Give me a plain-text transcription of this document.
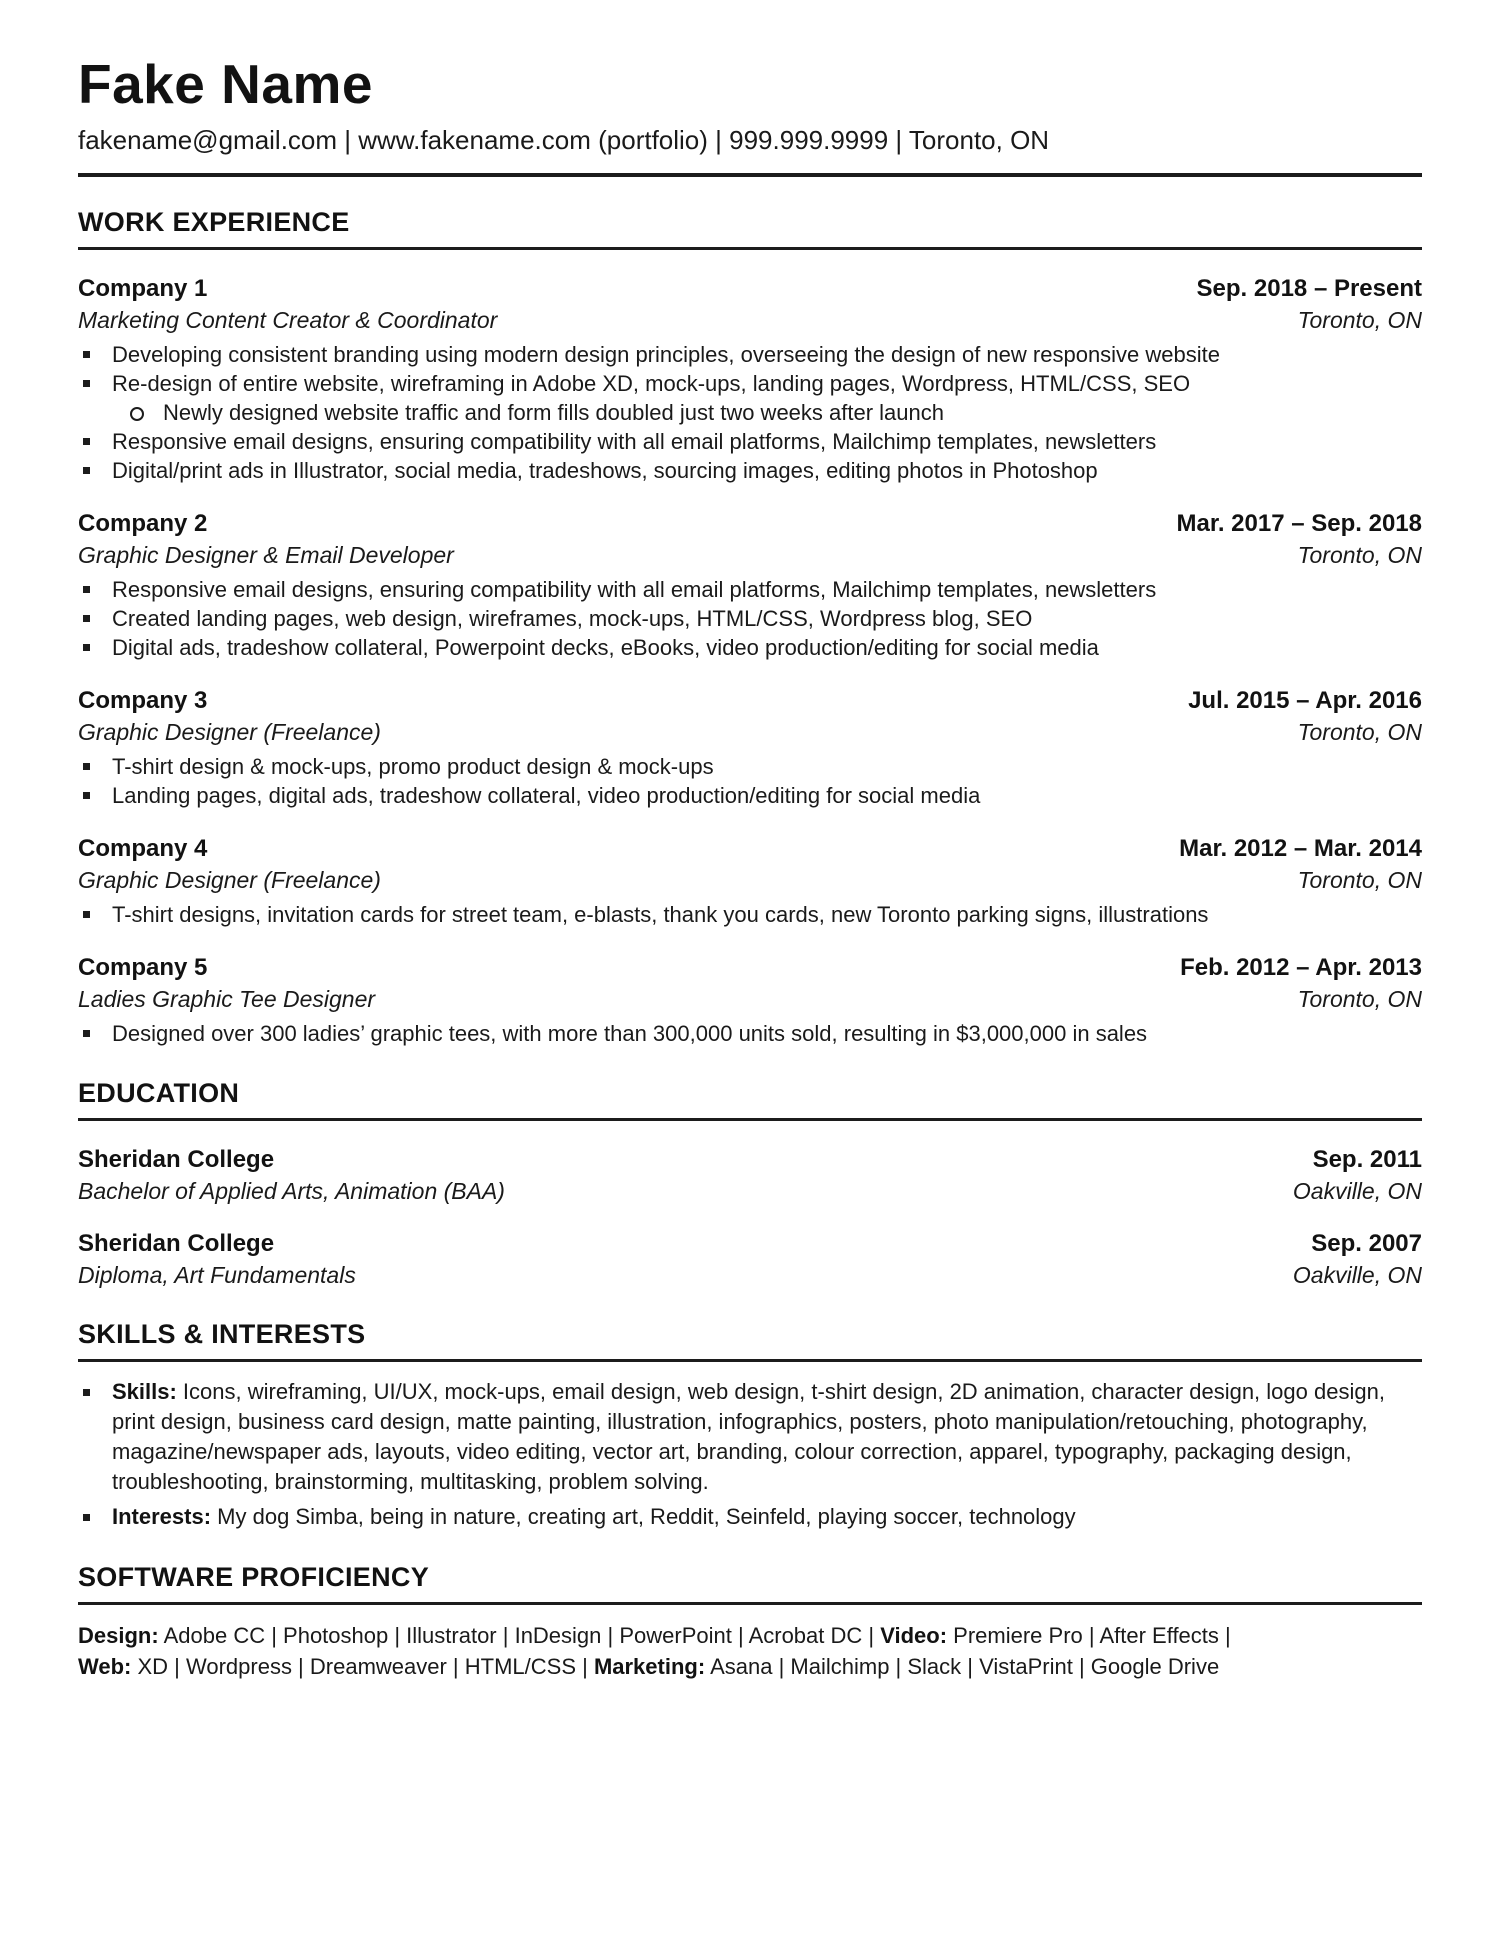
Fake Name
fakename@gmail.com | www.fakename.com (portfolio) | 999.999.9999 | Toronto, ON
WORK EXPERIENCE
Company 1	Sep. 2018 – Present
Marketing Content Creator & Coordinator	Toronto, ON
Developing consistent branding using modern design principles, overseeing the design of new responsive website
Re-design of entire website, wireframing in Adobe XD, mock-ups, landing pages, Wordpress, HTML/CSS, SEO
Newly designed website traffic and form fills doubled just two weeks after launch
Responsive email designs, ensuring compatibility with all email platforms, Mailchimp templates, newsletters
Digital/print ads in Illustrator, social media, tradeshows, sourcing images, editing photos in Photoshop
Company 2	Mar. 2017 – Sep. 2018
Graphic Designer & Email Developer	Toronto, ON
Responsive email designs, ensuring compatibility with all email platforms, Mailchimp templates, newsletters
Created landing pages, web design, wireframes, mock-ups, HTML/CSS, Wordpress blog, SEO
Digital ads, tradeshow collateral, Powerpoint decks, eBooks, video production/editing for social media
Company 3	Jul. 2015 – Apr. 2016
Graphic Designer (Freelance)	Toronto, ON
T-shirt design & mock-ups, promo product design & mock-ups
Landing pages, digital ads, tradeshow collateral, video production/editing for social media
Company 4	Mar. 2012 – Mar. 2014
Graphic Designer (Freelance)	Toronto, ON
T-shirt designs, invitation cards for street team, e-blasts, thank you cards, new Toronto parking signs, illustrations
Company 5	Feb. 2012 – Apr. 2013
Ladies Graphic Tee Designer	Toronto, ON
Designed over 300 ladies’ graphic tees, with more than 300,000 units sold, resulting in $3,000,000 in sales
EDUCATION
Sheridan College	Sep. 2011
Bachelor of Applied Arts, Animation (BAA)	Oakville, ON
Sheridan College	Sep. 2007
Diploma, Art Fundamentals	Oakville, ON
SKILLS & INTERESTS
Skills: Icons, wireframing, UI/UX, mock-ups, email design, web design, t-shirt design, 2D animation, character design, logo design, print design, business card design, matte painting, illustration, infographics, posters, photo manipulation/retouching, photography, magazine/newspaper ads, layouts, video editing, vector art, branding, colour correction, apparel, typography, packaging design, troubleshooting, brainstorming, multitasking, problem solving.
Interests: My dog Simba, being in nature, creating art, Reddit, Seinfeld, playing soccer, technology
SOFTWARE PROFICIENCY

Design: Adobe CC | Photoshop | Illustrator | InDesign | PowerPoint | Acrobat DC | Video: Premiere Pro | After Effects |

Web: XD | Wordpress | Dreamweaver | HTML/CSS | Marketing: Asana | Mailchimp | Slack | VistaPrint | Google Drive
